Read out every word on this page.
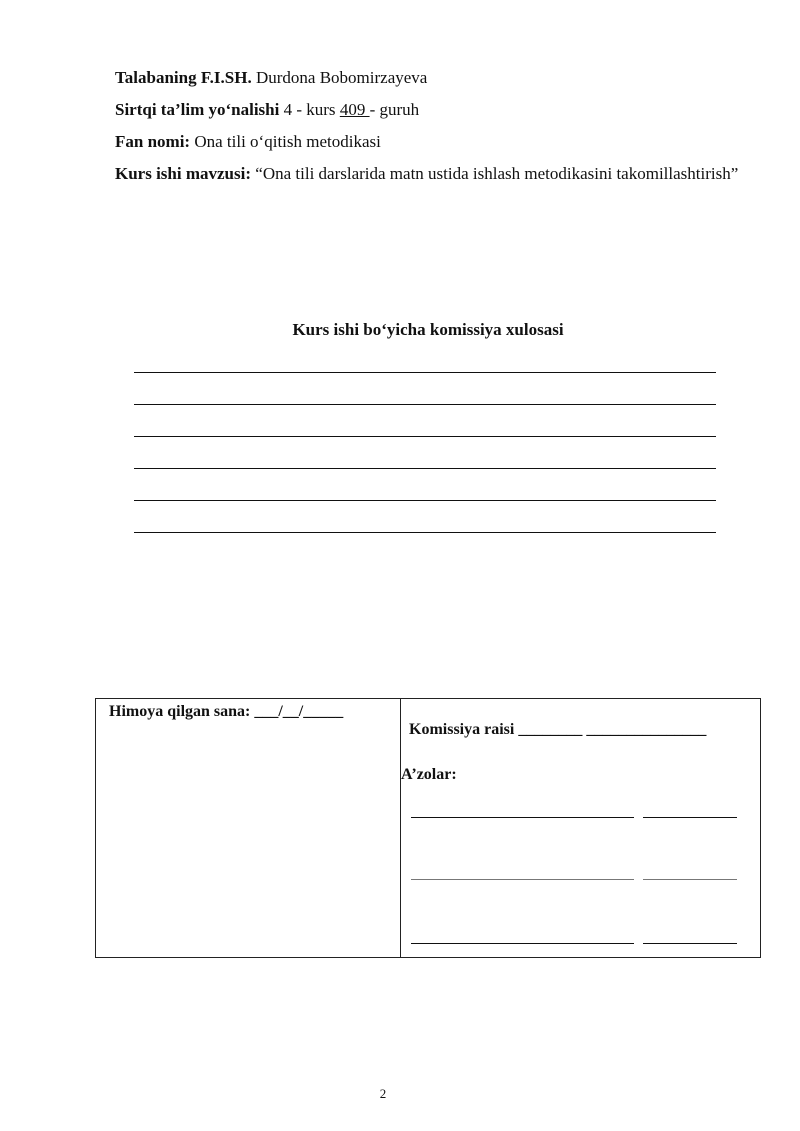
Talabaning F.I.SH. Durdona Bobomirzayeva

Sirtqi ta’lim yo‘nalishi 4 - kurs 409 - guruh

Fan nomi: Ona tili o‘qitish metodikasi

Kurs ishi mavzusi: “Ona tili darslarida matn ustida ishlash metodikasini takomillashtirish”

Kurs ishi bo‘yicha komissiya xulosasi
Himoya qilgan sana: ___/__/_____
Komissiya raisi ________ _______________
A’zolar:
2
